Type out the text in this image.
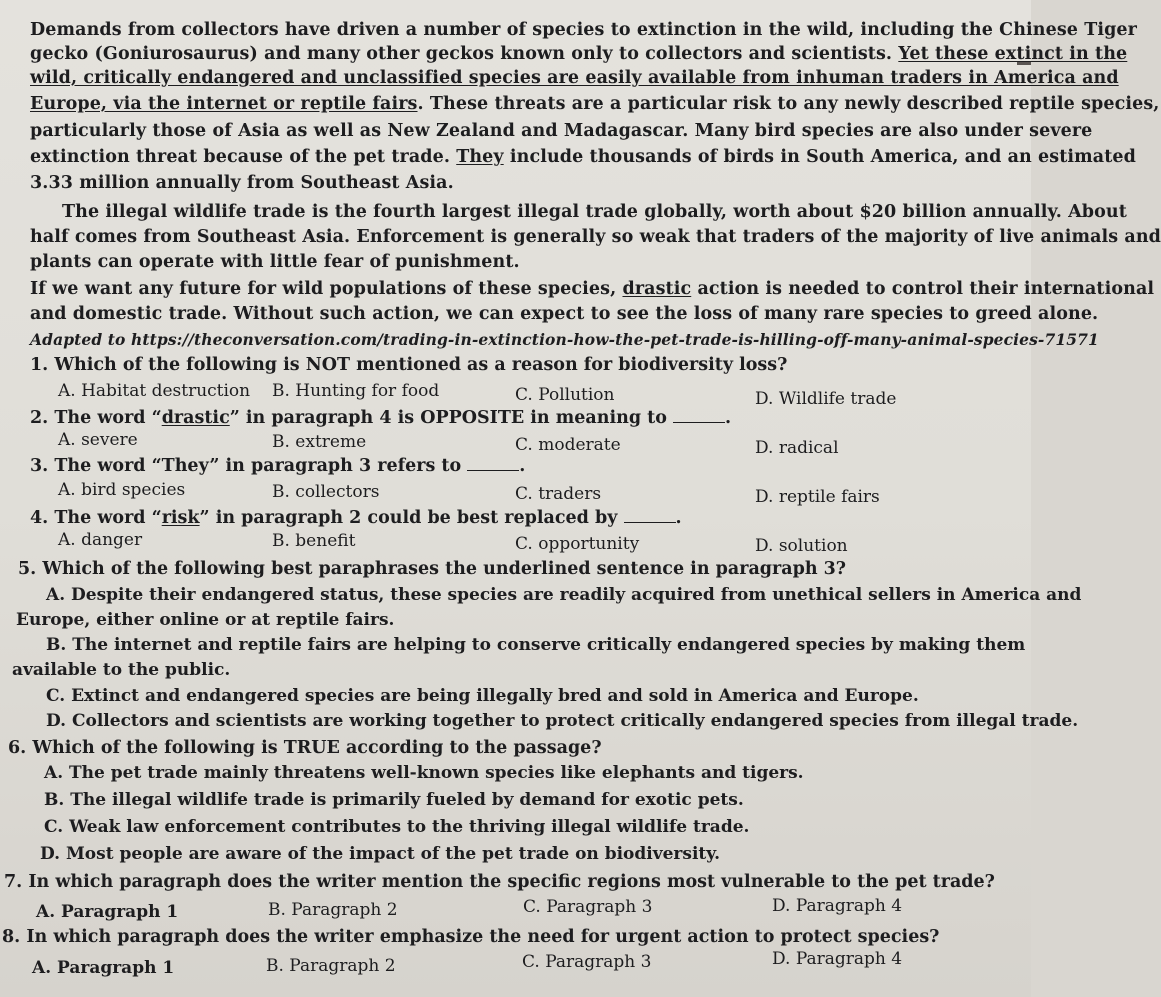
Demands from collectors have driven a number of species to extinction in the wild, including the Chinese Tiger
gecko (Goniurosaurus) and many other geckos known only to collectors and scientists. Yet these extinct in the
wild, critically endangered and unclassified species are easily available from inhuman traders in America and
Europe, via the internet or reptile fairs. These threats are a particular risk to any newly described reptile species,
particularly those of Asia as well as New Zealand and Madagascar. Many bird species are also under severe
extinction threat because of the pet trade. They include thousands of birds in South America, and an estimated
3.33 million annually from Southeast Asia.
The illegal wildlife trade is the fourth largest illegal trade globally, worth about $20 billion annually. About
half comes from Southeast Asia. Enforcement is generally so weak that traders of the majority of live animals and
plants can operate with little fear of punishment.
If we want any future for wild populations of these species, drastic action is needed to control their international
and domestic trade. Without such action, we can expect to see the loss of many rare species to greed alone.
Adapted to https://theconversation.com/trading-in-extinction-how-the-pet-trade-is-hilling-off-many-animal-species-71571
1. Which of the following is NOT mentioned as a reason for biodiversity loss?
A. Habitat destruction B. Hunting for food	C. Pollution	D. Wildlife trade
2. The word “drastic” in paragraph 4 is OPPOSITE in meaning to	.
A. severe	B. extreme	C. moderate	D. radical
3. The word “They” in paragraph 3 refers to	.
A. bird species	B. collectors	C. traders	D. reptile fairs
4. The word “risk” in paragraph 2 could be best replaced by	.
A. danger	B. benefit	C. opportunity	D. solution
5. Which of the following best paraphrases the underlined sentence in paragraph 3?
A. Despite their endangered status, these species are readily acquired from unethical sellers in America and
Europe, either online or at reptile fairs.
B. The internet and reptile fairs are helping to conserve critically endangered species by making them
available to the public.
C. Extinct and endangered species are being illegally bred and sold in America and Europe.
D. Collectors and scientists are working together to protect critically endangered species from illegal trade.
6. Which of the following is TRUE according to the passage?
A. The pet trade mainly threatens well-known species like elephants and tigers.
B. The illegal wildlife trade is primarily fueled by demand for exotic pets.
C. Weak law enforcement contributes to the thriving illegal wildlife trade.
D. Most people are aware of the impact of the pet trade on biodiversity.
7. In which paragraph does the writer mention the specific regions most vulnerable to the pet trade?
A. Paragraph 1	B. Paragraph 2	C. Paragraph 3	D. Paragraph 4
8. In which paragraph does the writer emphasize the need for urgent action to protect species?
A. Paragraph 1	B. Paragraph 2	C. Paragraph 3	D. Paragraph 4
